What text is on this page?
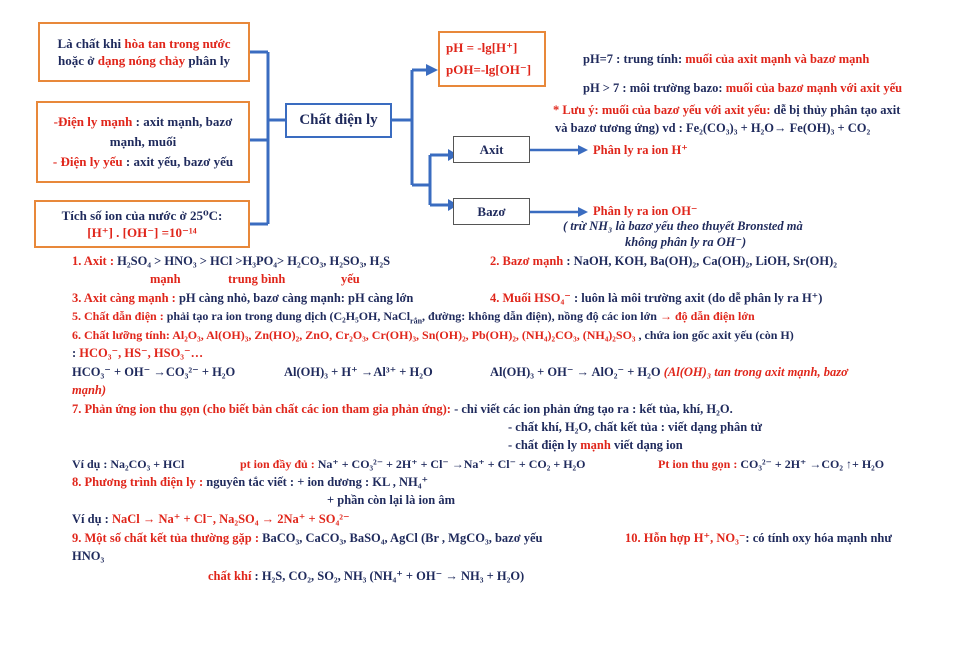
Là chất khi hòa tan trong nước
hoặc ở dạng nóng chảy phân ly
-Điện ly mạnh : axit mạnh, bazơ
mạnh, muối
- Điện ly yếu : axit yếu, bazơ yếu
Tích số ion của nước ở 25⁰C:
[H⁺] . [OH⁻] =10⁻¹⁴
Chất điện ly
pH = -lg[H⁺]
pOH=-lg[OH⁻]
Axit
Bazơ
pH=7 : trung tính: muối của axit mạnh và bazơ mạnh
pH > 7 : môi trường bazo: muối của bazơ mạnh với axit yếu
* Lưu ý: muối của bazơ yếu với axit yếu: dễ bị thủy phân tạo axit
và bazơ tương ứng) vd : Fe₂(CO₃)₃ + H₂O→ Fe(OH)₃ + CO₂
Phân ly ra ion H⁺
Phân ly ra ion OH⁻
( trừ NH₃ là bazơ yếu theo thuyết Bronsted mà
không phân ly ra OH⁻)
1. Axit : H₂SO₄ > HNO₃ > HCl >H₃PO₄> H₂CO₃, H₂SO₃, H₂S
mạnh	trung bình	yếu
2. Bazơ mạnh : NaOH, KOH, Ba(OH)₂, Ca(OH)₂, LiOH, Sr(OH)₂
3. Axit càng mạnh : pH càng nhỏ, bazơ càng mạnh: pH càng lớn	4. Muối HSO₄⁻ : luôn là môi trường axit (do dễ phân ly ra H⁺)
5. Chất dẫn điện : phải tạo ra ion trong dung dịch (C₂H₅OH, NaCl$_{rắn}$, đường: không dẫn điện), nồng độ các ion lớn → độ dẫn điện lớn
6. Chất lưỡng tính: Al₂O₃, Al(OH)₃, Zn(HO)₂, ZnO, Cr₂O₃, Cr(OH)₃, Sn(OH)₂, Pb(OH)₂, (NH₄)₂CO₃, (NH₄)₂SO₃ , chứa ion gốc axit yếu (còn H)
: HCO₃⁻, HS⁻, HSO₃⁻…
HCO₃⁻ + OH⁻ →CO₃²⁻ + H₂O	Al(OH)₃ + H⁺ →Al³⁺ + H₂O	Al(OH)₃ + OH⁻ → AlO₂⁻ + H₂O (Al(OH)₃ tan trong axit mạnh, bazơ
mạnh)
7. Phản ứng ion thu gọn (cho biết bản chất các ion tham gia phản ứng): - chỉ viết các ion phản ứng tạo ra : kết tủa, khí, H₂O.
- chất khí, H₂O, chất kết tủa : viết dạng phân tử
- chất điện ly mạnh viết dạng ion
Ví dụ : Na₂CO₃ + HCl	pt ion đầy đủ : Na⁺ + CO₃²⁻ + 2H⁺ + Cl⁻ →Na⁺ + Cl⁻ + CO₂ + H₂O	Pt ion thu gọn : CO₃²⁻ + 2H⁺ →CO₂ ↑+ H₂O
8. Phương trình điện ly : nguyên tắc viết : + ion dương : KL , NH₄⁺
+ phần còn lại là ion âm
Ví dụ : NaCl → Na⁺ + Cl⁻, Na₂SO₄ → 2Na⁺ + SO₄²⁻
9. Một số chất kết tủa thường gặp : BaCO₃, CaCO₃, BaSO₄, AgCl (Br , MgCO₃, bazơ yếu	10. Hỗn hợp H⁺, NO₃⁻: có tính oxy hóa mạnh như
HNO₃
chất khí : H₂S, CO₂, SO₂, NH₃ (NH₄⁺ + OH⁻ → NH₃ + H₂O)
